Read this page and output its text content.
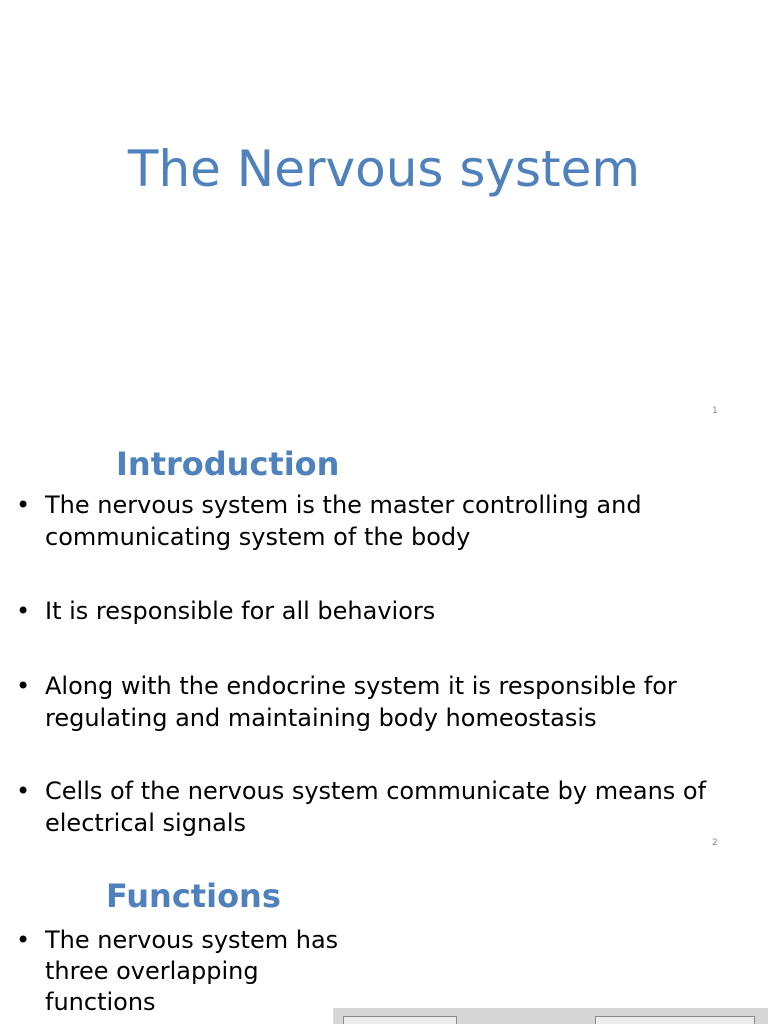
The Nervous system
1
Introduction
• The nervous system is the master controlling and communicating system of the body
• It is responsible for all behaviors
• Along with the endocrine system it is responsible for regulating and maintaining body homeostasis
• Cells of the nervous system communicate by means of electrical signals
2
Functions
• The nervous system has three overlapping functions
